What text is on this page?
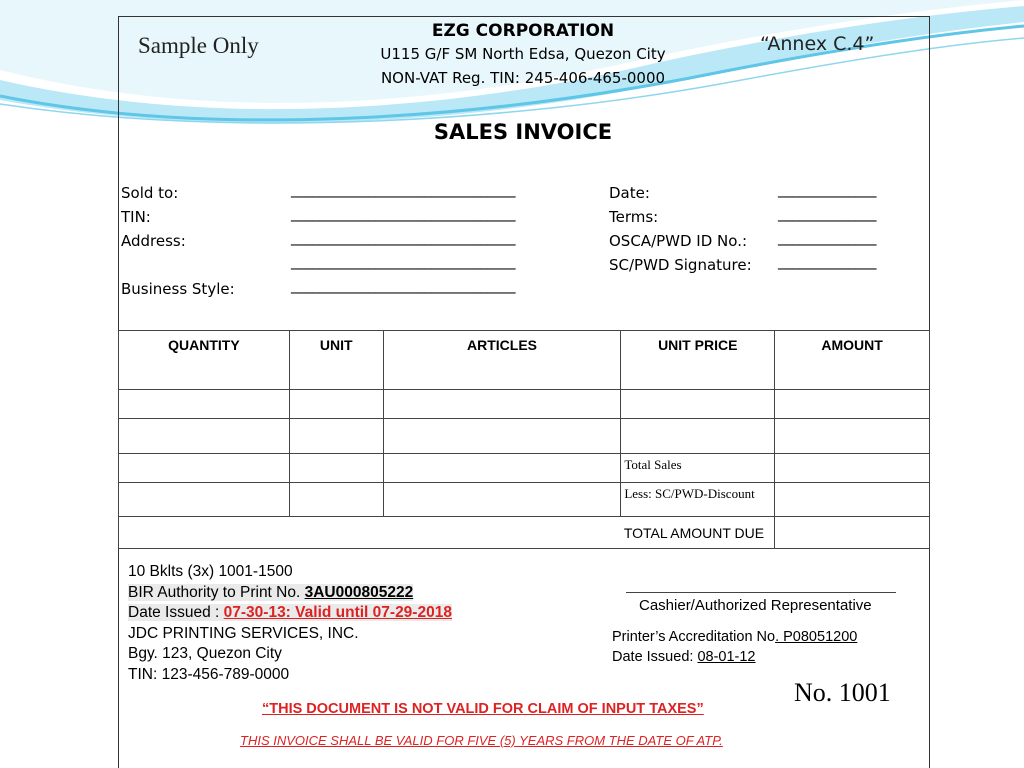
Sample Only	“Annex C.4”
EZG CORPORATION
U115 G/F SM North Edsa, Quezon City
NON-VAT Reg. TIN: 245-406-465-0000
SALES INVOICE
Sold to:	________________________________
TIN:	________________________________
Address:	________________________________
________________________________
Business Style:	________________________________
Date:	______________
Terms:	______________
OSCA/PWD ID No.: ______________
SC/PWD Signature: ______________
QUANTITY	UNIT	ARTICLES	UNIT PRICE	AMOUNT

			Total Sales	
			Less: SC/PWD-Discount	
			TOTAL AMOUNT DUE	
10 Bklts (3x) 1001-1500
BIR Authority to Print No. 3AU000805222
Date Issued : 07-30-13: Valid until 07-29-2018
JDC PRINTING SERVICES, INC.
Bgy. 123, Quezon City
TIN: 123-456-789-0000
Cashier/Authorized Representative
Printer’s Accreditation No. P08051200
Date Issued: 08-01-12
No. 1001
“THIS DOCUMENT IS NOT VALID FOR CLAIM OF INPUT TAXES”
THIS INVOICE SHALL BE VALID FOR FIVE (5) YEARS FROM THE DATE OF ATP.
